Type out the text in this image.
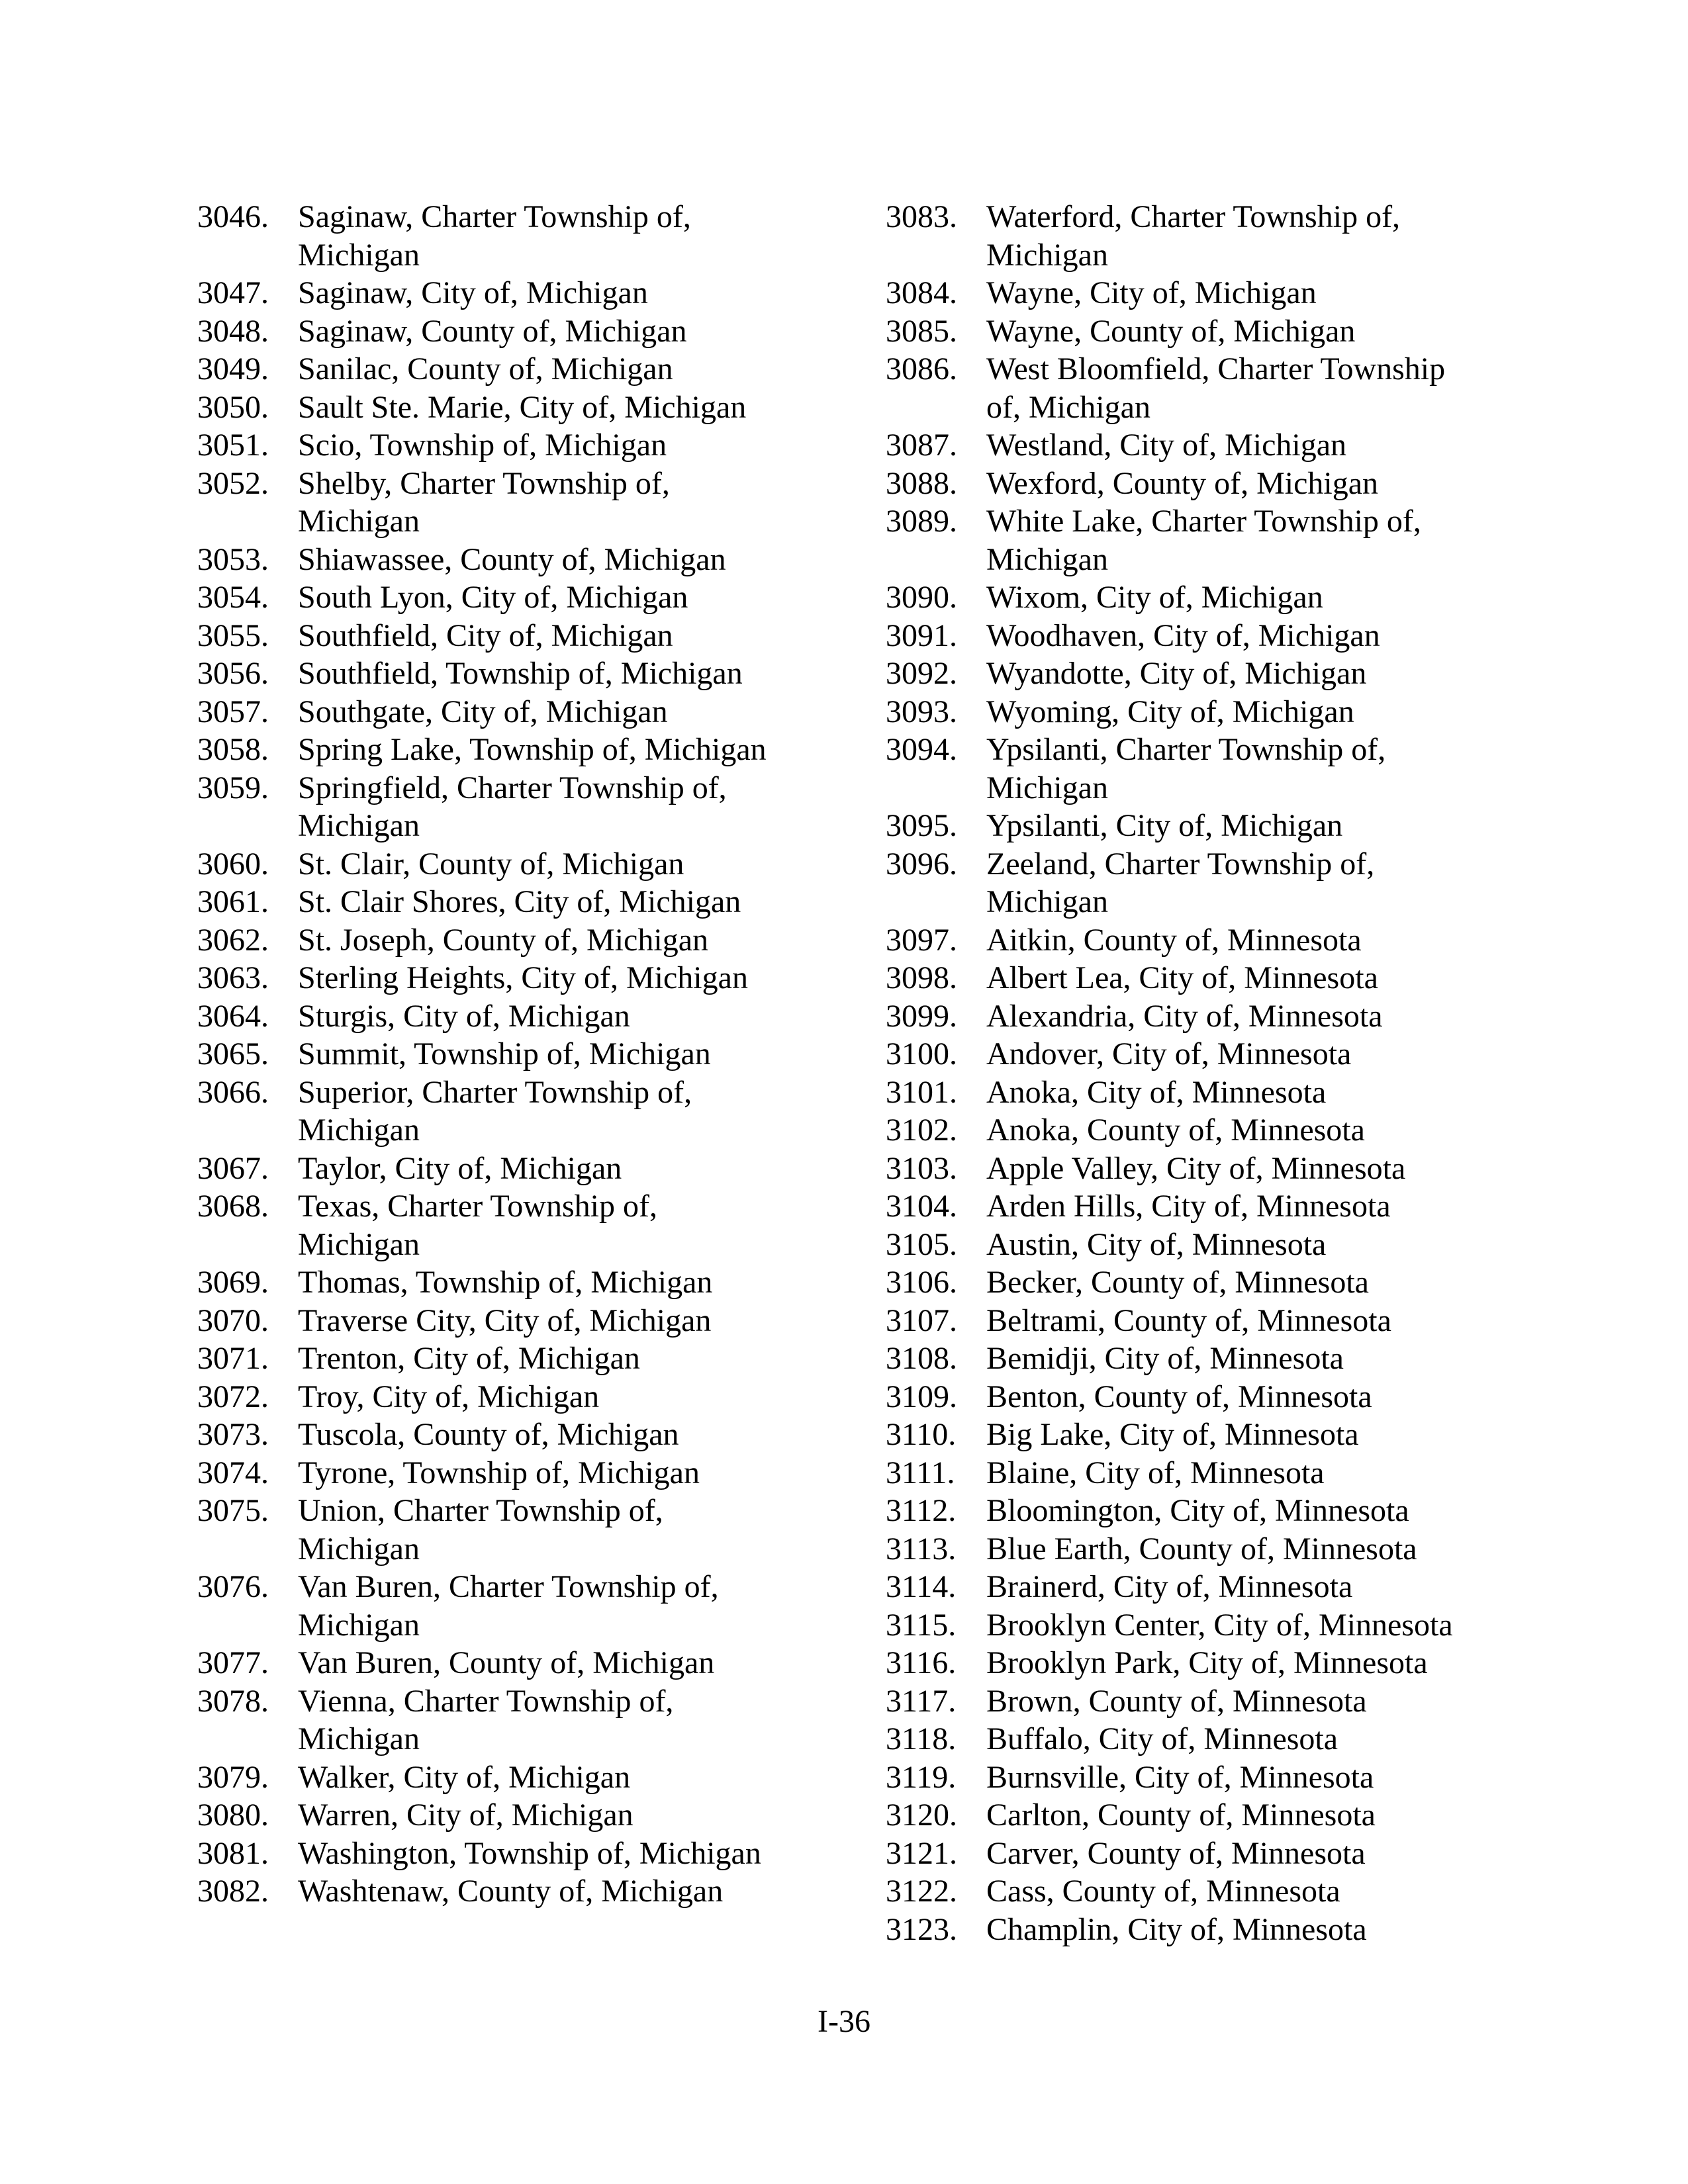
3046. Saginaw, Charter Township of,
Michigan
3047. Saginaw, City of, Michigan
3048. Saginaw, County of, Michigan
3049. Sanilac, County of, Michigan
3050. Sault Ste. Marie, City of, Michigan
3051. Scio, Township of, Michigan
3052. Shelby, Charter Township of,
Michigan
3053. Shiawassee, County of, Michigan
3054. South Lyon, City of, Michigan
3055. Southfield, City of, Michigan
3056. Southfield, Township of, Michigan
3057. Southgate, City of, Michigan
3058. Spring Lake, Township of, Michigan
3059. Springfield, Charter Township of,
Michigan
3060. St. Clair, County of, Michigan
3061. St. Clair Shores, City of, Michigan
3062. St. Joseph, County of, Michigan
3063. Sterling Heights, City of, Michigan
3064. Sturgis, City of, Michigan
3065. Summit, Township of, Michigan
3066. Superior, Charter Township of,
Michigan
3067. Taylor, City of, Michigan
3068. Texas, Charter Township of,
Michigan
3069. Thomas, Township of, Michigan
3070. Traverse City, City of, Michigan
3071. Trenton, City of, Michigan
3072. Troy, City of, Michigan
3073. Tuscola, County of, Michigan
3074. Tyrone, Township of, Michigan
3075. Union, Charter Township of,
Michigan
3076. Van Buren, Charter Township of,
Michigan
3077. Van Buren, County of, Michigan
3078. Vienna, Charter Township of,
Michigan
3079. Walker, City of, Michigan
3080. Warren, City of, Michigan
3081. Washington, Township of, Michigan
3082. Washtenaw, County of, Michigan
3083. Waterford, Charter Township of,
Michigan
3084. Wayne, City of, Michigan
3085. Wayne, County of, Michigan
3086. West Bloomfield, Charter Township
of, Michigan
3087. Westland, City of, Michigan
3088. Wexford, County of, Michigan
3089. White Lake, Charter Township of,
Michigan
3090. Wixom, City of, Michigan
3091. Woodhaven, City of, Michigan
3092. Wyandotte, City of, Michigan
3093. Wyoming, City of, Michigan
3094. Ypsilanti, Charter Township of,
Michigan
3095. Ypsilanti, City of, Michigan
3096. Zeeland, Charter Township of,
Michigan
3097. Aitkin, County of, Minnesota
3098. Albert Lea, City of, Minnesota
3099. Alexandria, City of, Minnesota
3100. Andover, City of, Minnesota
3101. Anoka, City of, Minnesota
3102. Anoka, County of, Minnesota
3103. Apple Valley, City of, Minnesota
3104. Arden Hills, City of, Minnesota
3105. Austin, City of, Minnesota
3106. Becker, County of, Minnesota
3107. Beltrami, County of, Minnesota
3108. Bemidji, City of, Minnesota
3109. Benton, County of, Minnesota
3110. Big Lake, City of, Minnesota
3111. Blaine, City of, Minnesota
3112. Bloomington, City of, Minnesota
3113. Blue Earth, County of, Minnesota
3114. Brainerd, City of, Minnesota
3115. Brooklyn Center, City of, Minnesota
3116. Brooklyn Park, City of, Minnesota
3117. Brown, County of, Minnesota
3118. Buffalo, City of, Minnesota
3119. Burnsville, City of, Minnesota
3120. Carlton, County of, Minnesota
3121. Carver, County of, Minnesota
3122. Cass, County of, Minnesota
3123. Champlin, City of, Minnesota
I-36
